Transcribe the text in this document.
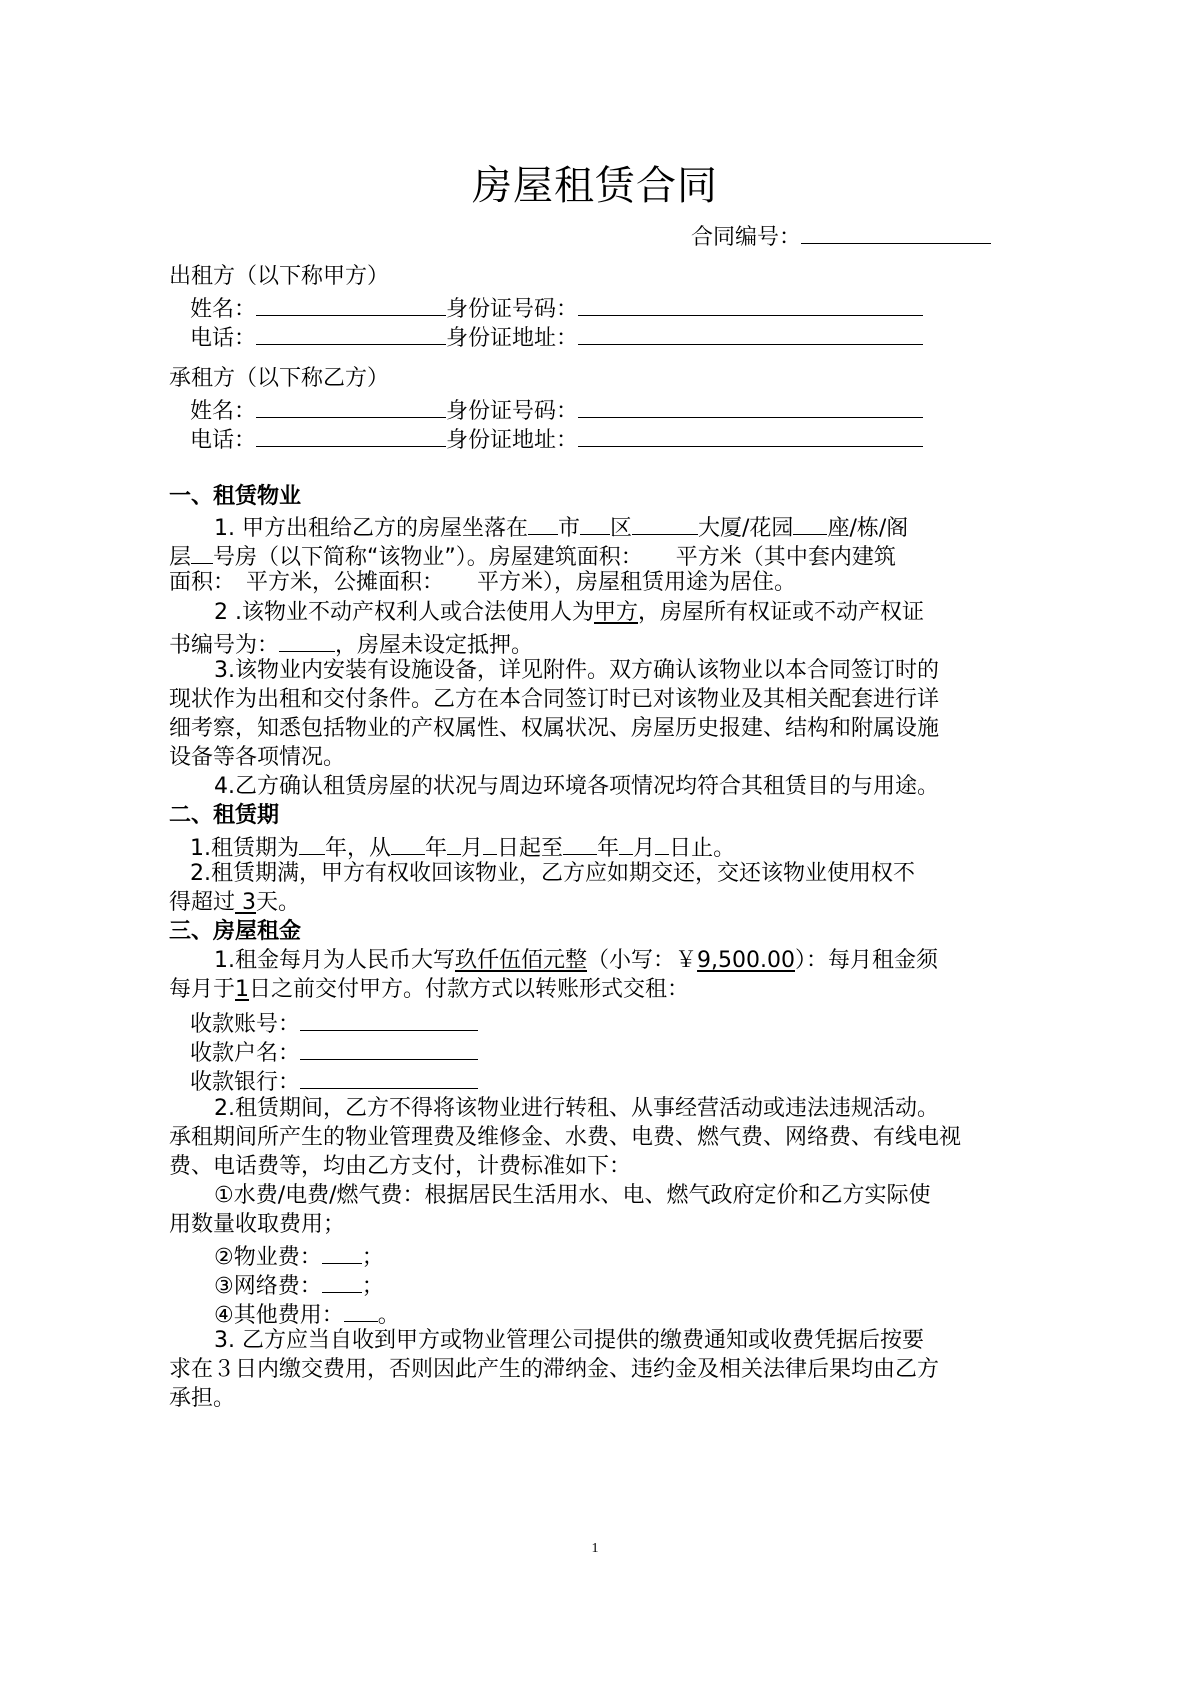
房屋租赁合同
合同编号：
出租方（以下称甲方）
姓名：	身份证号码：
电话：	身份证地址：
承租方（以下称乙方）
姓名：	身份证号码：
电话：	身份证地址：
一、租赁物业
1. 甲方出租给乙方的房屋坐落在 市 区	大厦/花园 座/栋/阁
层 号房（以下简称“该物业”）。房屋建筑面积：　　平方米（其中套内建筑
面积：　平方米，公摊面积：　　平方米），房屋租赁用途为居住。
2 .该物业不动产权利人或合法使用人为甲方，房屋所有权证或不动产权证
书编号为：	，房屋未设定抵押。
3.该物业内安装有设施设备，详见附件。双方确认该物业以本合同签订时的
现状作为出租和交付条件。乙方在本合同签订时已对该物业及其相关配套进行详
细考察，知悉包括物业的产权属性、权属状况、房屋历史报建、结构和附属设施
设备等各项情况。
4.乙方确认租赁房屋的状况与周边环境各项情况均符合其租赁目的与用途。
二、租赁期
1.租赁期为 年，从 年 月 日起至 年 月 日止。
2.租赁期满，甲方有权收回该物业，乙方应如期交还，交还该物业使用权不
得超过 3天。
三、房屋租金
1.租金每月为人民币大写玖仟伍佰元整（小写：￥9,500.00）：每月租金须
每月于1日之前交付甲方。付款方式以转账形式交租：
收款账号：
收款户名：
收款银行：
2.租赁期间，乙方不得将该物业进行转租、从事经营活动或违法违规活动。
承租期间所产生的物业管理费及维修金、水费、电费、燃气费、网络费、有线电视
费、电话费等，均由乙方支付，计费标准如下：
①水费/电费/燃气费：根据居民生活用水、电、燃气政府定价和乙方实际使
用数量收取费用；
②物业费： ；
③网络费： ；
④其他费用： 。
3. 乙方应当自收到甲方或物业管理公司提供的缴费通知或收费凭据后按要
求在３日内缴交费用，否则因此产生的滞纳金、违约金及相关法律后果均由乙方
承担。
1
